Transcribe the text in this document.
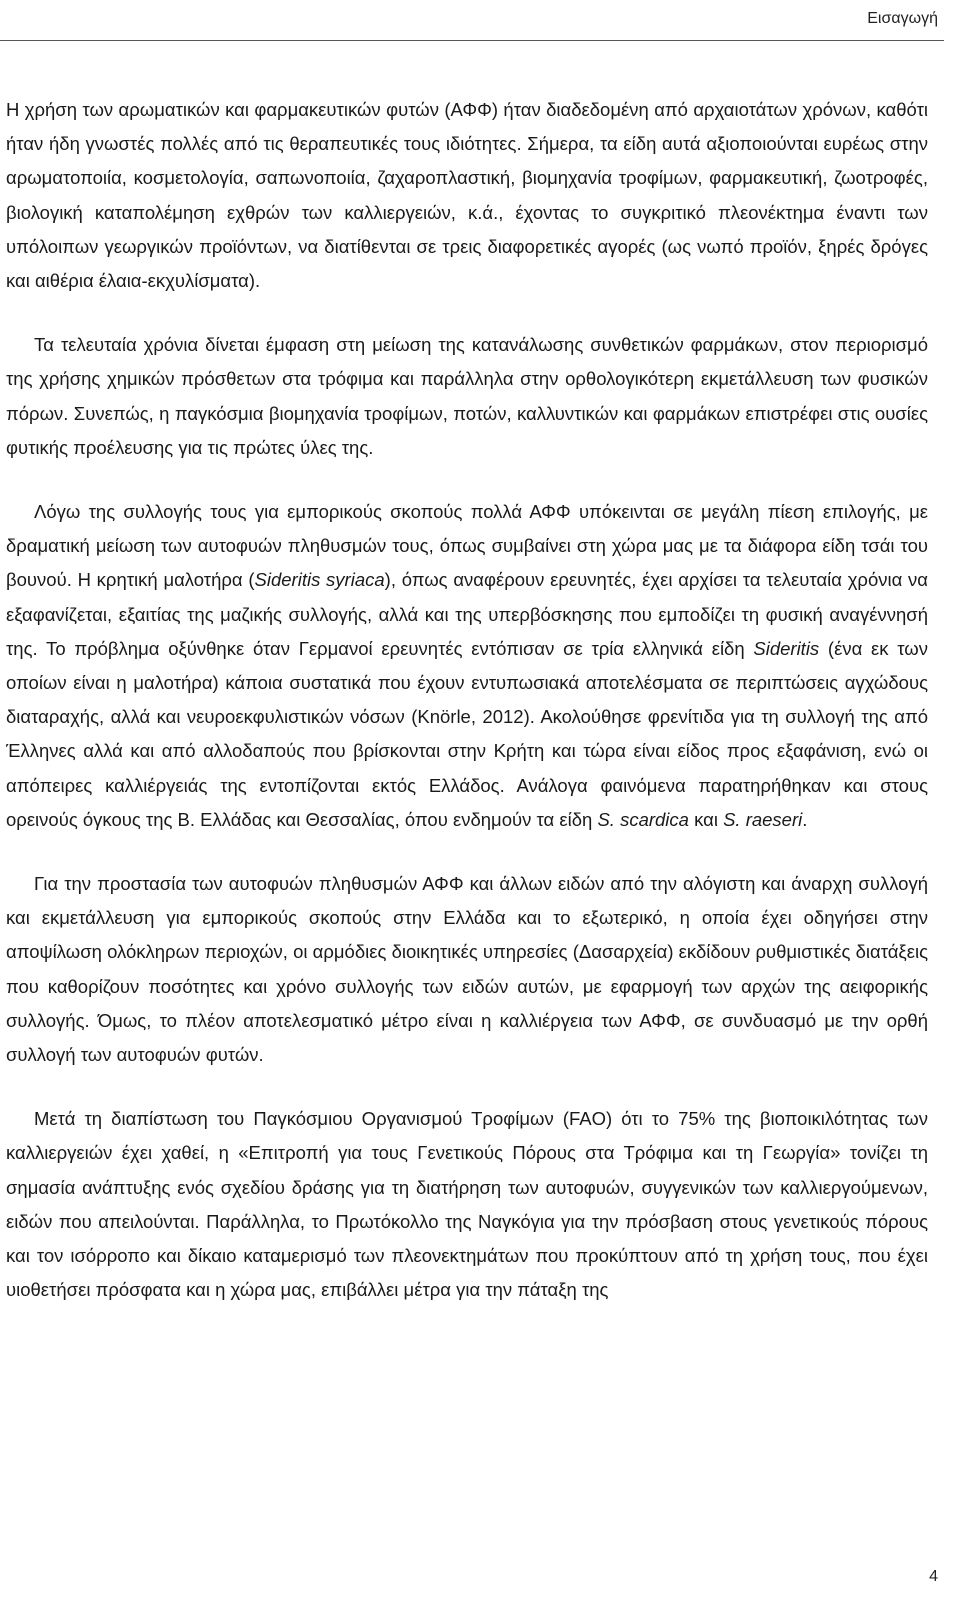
Εισαγωγή

Η χρήση των αρωματικών και φαρμακευτικών φυτών (ΑΦΦ) ήταν διαδεδομένη από αρχαιοτάτων χρόνων, καθότι ήταν ήδη γνωστές πολλές από τις θεραπευτικές τους ιδιότητες. Σήμερα, τα είδη αυτά αξιοποιούνται ευρέως στην αρωματοποιία, κοσμετολογία, σαπωνοποιία, ζαχαροπλαστική, βιομηχανία τροφίμων, φαρμακευτική, ζωοτροφές, βιολογική καταπολέμηση εχθρών των καλλιεργειών, κ.ά., έχοντας το συγκριτικό πλεονέκτημα έναντι των υπόλοιπων γεωργικών προϊόντων, να διατίθενται σε τρεις διαφορετικές αγορές (ως νωπό προϊόν, ξηρές δρόγες και αιθέρια έλαια-εκχυλίσματα).

Τα τελευταία χρόνια δίνεται έμφαση στη μείωση της κατανάλωσης συνθετικών φαρμάκων, στον περιορισμό της χρήσης χημικών πρόσθετων στα τρόφιμα και παράλληλα στην ορθολογικότερη εκμετάλλευση των φυσικών πόρων. Συνεπώς, η παγκόσμια βιομηχανία τροφίμων, ποτών, καλλυντικών και φαρμάκων επιστρέφει στις ουσίες φυτικής προέλευσης για τις πρώτες ύλες της.

Λόγω της συλλογής τους για εμπορικούς σκοπούς πολλά ΑΦΦ υπόκεινται σε μεγάλη πίεση επιλογής, με δραματική μείωση των αυτοφυών πληθυσμών τους, όπως συμβαίνει στη χώρα μας με τα διάφορα είδη τσάι του βουνού. Η κρητική μαλοτήρα (Sideritis syriaca), όπως αναφέρουν ερευνητές, έχει αρχίσει τα τελευταία χρόνια να εξαφανίζεται, εξαιτίας της μαζικής συλλογής, αλλά και της υπερβόσκησης που εμποδίζει τη φυσική αναγέννησή της. Το πρόβλημα οξύνθηκε όταν Γερμανοί ερευνητές εντόπισαν σε τρία ελληνικά είδη Sideritis (ένα εκ των οποίων είναι η μαλοτήρα) κάποια συστατικά που έχουν εντυπωσιακά αποτελέσματα σε περιπτώσεις αγχώδους διαταραχής, αλλά και νευροεκφυλιστικών νόσων (Knörle, 2012). Ακολούθησε φρενίτιδα για τη συλλογή της από Έλληνες αλλά και από αλλοδαπούς που βρίσκονται στην Κρήτη και τώρα είναι είδος προς εξαφάνιση, ενώ οι απόπειρες καλλιέργειάς της εντοπίζονται εκτός Ελλάδος. Ανάλογα φαινόμενα παρατηρήθηκαν και στους ορεινούς όγκους της Β. Ελλάδας και Θεσσαλίας, όπου ενδημούν τα είδη S. scardica και S. raeseri.

Για την προστασία των αυτοφυών πληθυσμών ΑΦΦ και άλλων ειδών από την αλόγιστη και άναρχη συλλογή και εκμετάλλευση για εμπορικούς σκοπούς στην Ελλάδα και το εξωτερικό, η οποία έχει οδηγήσει στην αποψίλωση ολόκληρων περιοχών, οι αρμόδιες διοικητικές υπηρεσίες (Δασαρχεία) εκδίδουν ρυθμιστικές διατάξεις που καθορίζουν ποσότητες και χρόνο συλλογής των ειδών αυτών, με εφαρμογή των αρχών της αειφορικής συλλογής. Όμως, το πλέον αποτελεσματικό μέτρο είναι η καλλιέργεια των ΑΦΦ, σε συνδυασμό με την ορθή συλλογή των αυτοφυών φυτών.

Μετά τη διαπίστωση του Παγκόσμιου Οργανισμού Τροφίμων (FAO) ότι το 75% της βιοποικιλότητας των καλλιεργειών έχει χαθεί, η «Επιτροπή για τους Γενετικούς Πόρους στα Τρόφιμα και τη Γεωργία» τονίζει τη σημασία ανάπτυξης ενός σχεδίου δράσης για τη διατήρηση των αυτοφυών, συγγενικών των καλλιεργούμενων, ειδών που απειλούνται. Παράλληλα, το Πρωτόκολλο της Ναγκόγια για την πρόσβαση στους γενετικούς πόρους και τον ισόρροπο και δίκαιο καταμερισμό των πλεονεκτημάτων που προκύπτουν από τη χρήση τους, που έχει υιοθετήσει πρόσφατα και η χώρα μας, επιβάλλει μέτρα για την πάταξη της

4
